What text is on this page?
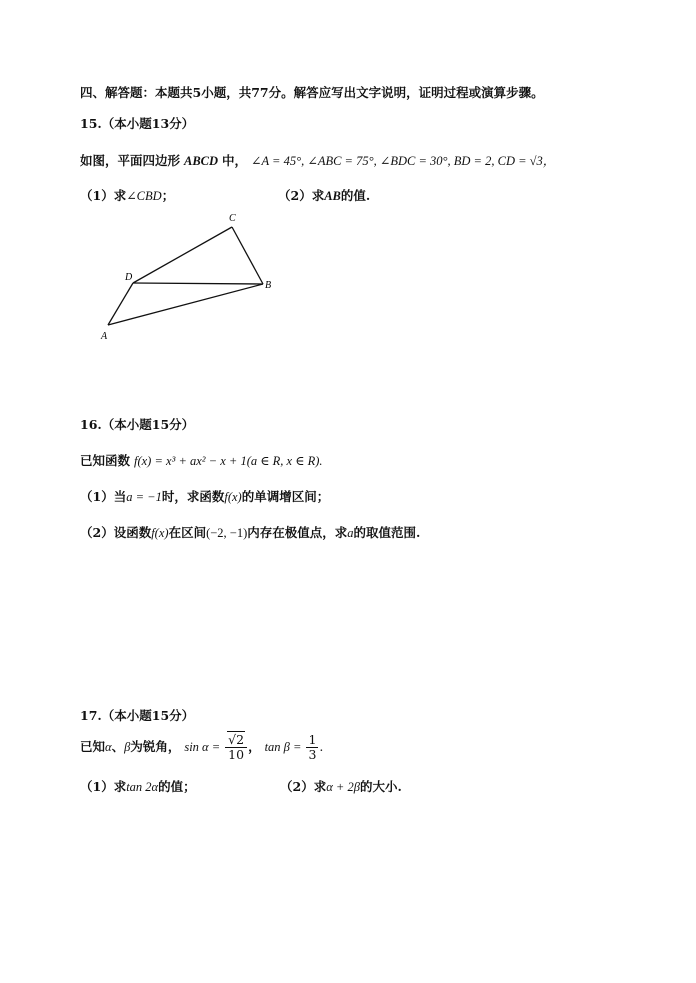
四、解答题：本题共5小题，共77分。解答应写出文字说明，证明过程或演算步骤。
15.（本小题13分）
如图，平面四边形 ABCD 中， ∠A = 45°, ∠ABC = 75°, ∠BDC = 30°, BD = 2, CD = √3，
（1）求∠CBD；	（2）求AB的值.
A
B
C
D
16.（本小题15分）
已知函数 f(x) = x³ + ax² − x + 1(a ∈ R, x ∈ R).
（1）当a = −1时，求函数f(x)的单调增区间；
（2）设函数f(x)在区间(−2, −1)内存在极值点，求a的取值范围.
17.（本小题15分）
已知α、β为锐角， $\sin \alpha = \frac{√2}{10}$ ， $\tan \beta = \frac{1}{3}$ .
（1）求tan 2α的值；	（2）求α + 2β的大小.
